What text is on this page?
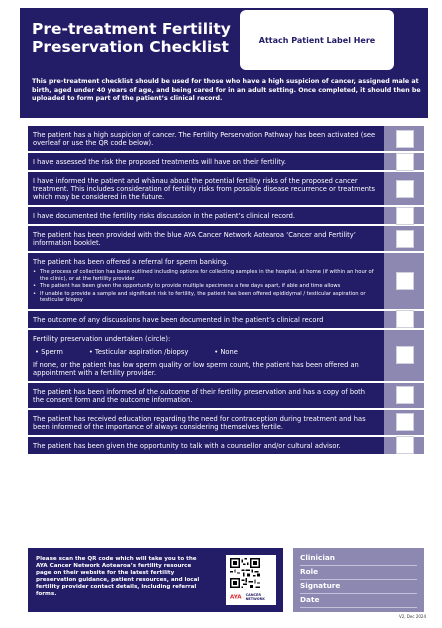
Pre-treatment Fertility
Preservation Checklist	Attach Patient Label Here
This pre-treatment checklist should be used for those who have a high suspicion of cancer, assigned male at birth, aged under 40 years of age, and being cared for in an adult setting. Once completed, it should then be uploaded to form part of the patient’s clinical record.
The patient has a high suspicion of cancer. The Fertility Perservation Pathway has been activated (see overleaf or use the QR code below).
I have assessed the risk the proposed treatments will have on their fertility.
I have informed the patient and whānau about the potential fertility risks of the proposed cancer treatment. This includes consideration of fertility risks from possible disease recurrence or treatments which may be considered in the future.
I have documented the fertility risks discussion in the patient’s clinical record.
The patient has been provided with the blue AYA Cancer Network Aotearoa ‘Cancer and Fertility’ information booklet.
The patient has been offered a referral for sperm banking.
• The process of collection has been outlined including options for collecting samples in the hospital, at home (if within an hour of the clinic), or at the fertility provider
• The patient has been given the opportunity to provide multiple specimens a few days apart, if able and time allows
• If unable to provide a sample and significant risk to fertility, the patient has been offered epididymal / testicular aspiration or testicular biopsy
The outcome of any discussions have been documented in the patient’s clinical record
Fertility preservation undertaken (circle):
• Sperm	• Testicular aspiration /biopsy	• None
If none, or the patient has low sperm quality or low sperm count, the patient has been offered an appointment with a fertility provider.
The patient has been informed of the outcome of their fertility preservation and has a copy of both the consent form and the outcome information.
The patient has received education regarding the need for contraception during treatment and has been informed of the importance of always considering themselves fertile.
The patient has been given the opportunity to talk with a counsellor and/or cultural advisor.
Please scan the QR code which will take you to the AYA Cancer Network Aotearoa’s fertility resource page on their website for the latest fertility preservation guidance, patient resources, and local fertility provider contact details, including referral forms.
AYA CANCER
NETWORK
Clinician
Role
Signature
Date
V2, Dec 2024
